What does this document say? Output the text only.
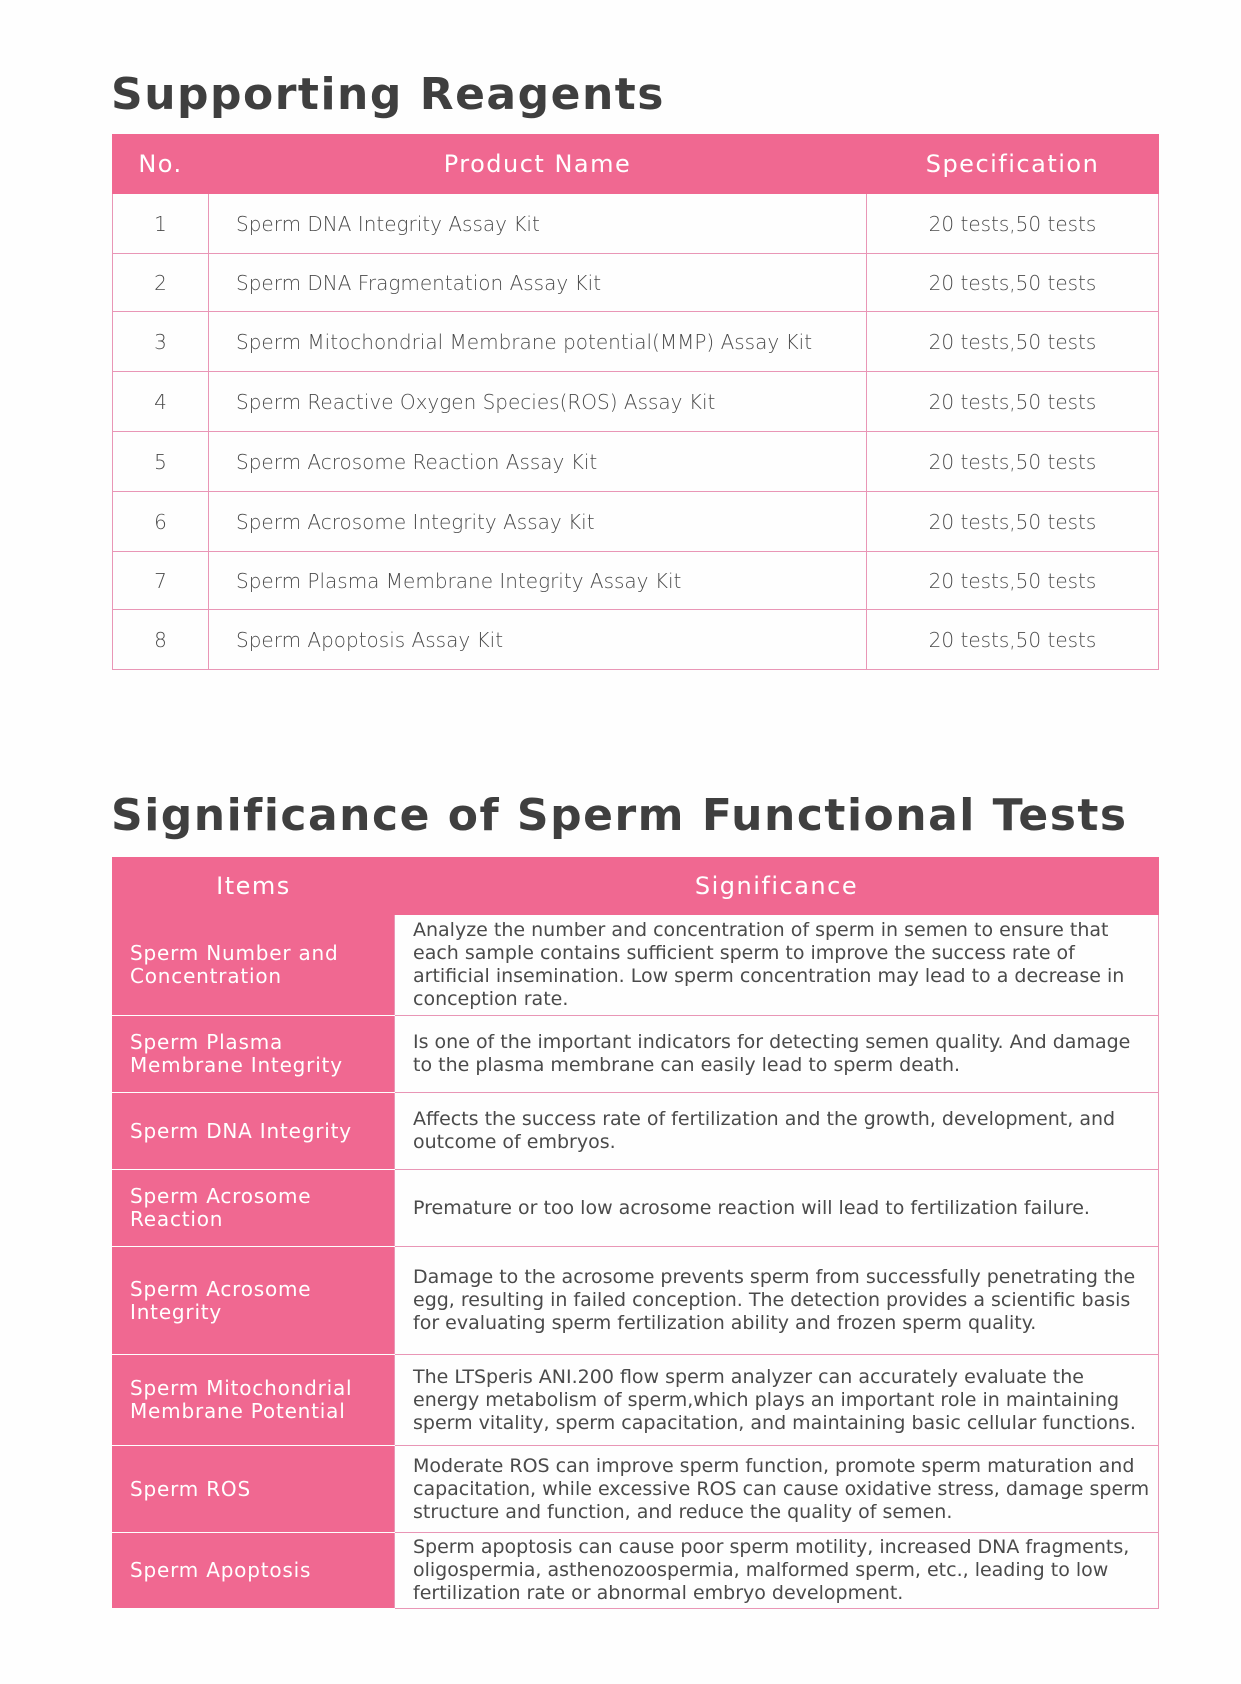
Supporting Reagents
No.	Product Name	Specification
1	Sperm DNA Integrity Assay Kit	20 tests,50 tests
2	Sperm DNA Fragmentation Assay Kit	20 tests,50 tests
3	Sperm Mitochondrial Membrane potential(MMP) Assay Kit	20 tests,50 tests
4	Sperm Reactive Oxygen Species(ROS) Assay Kit	20 tests,50 tests
5	Sperm Acrosome Reaction Assay Kit	20 tests,50 tests
6	Sperm Acrosome Integrity Assay Kit	20 tests,50 tests
7	Sperm Plasma Membrane Integrity Assay Kit	20 tests,50 tests
8	Sperm Apoptosis Assay Kit	20 tests,50 tests
Significance of Sperm Functional Tests
Items	Significance
Sperm Number and Concentration	Analyze the number and concentration of sperm in semen to ensure that each sample contains sufficient sperm to improve the success rate of artificial insemination. Low sperm concentration may lead to a decrease in conception rate.
Sperm Plasma Membrane Integrity	Is one of the important indicators for detecting semen quality. And damage to the plasma membrane can easily lead to sperm death.
Sperm DNA Integrity	Affects the success rate of fertilization and the growth, development, and outcome of embryos.
Sperm Acrosome Reaction	Premature or too low acrosome reaction will lead to fertilization failure.
Sperm Acrosome Integrity	Damage to the acrosome prevents sperm from successfully penetrating the egg, resulting in failed conception. The detection provides a scientific basis for evaluating sperm fertilization ability and frozen sperm quality.
Sperm Mitochondrial Membrane Potential	The LTSperis ANI.200 flow sperm analyzer can accurately evaluate the energy metabolism of sperm,which plays an important role in maintaining sperm vitality, sperm capacitation, and maintaining basic cellular functions.
Sperm ROS	Moderate ROS can improve sperm function, promote sperm maturation and capacitation, while excessive ROS can cause oxidative stress, damage sperm structure and function, and reduce the quality of semen.
Sperm Apoptosis	Sperm apoptosis can cause poor sperm motility, increased DNA fragments, oligospermia, asthenozoospermia, malformed sperm, etc., leading to low fertilization rate or abnormal embryo development.
